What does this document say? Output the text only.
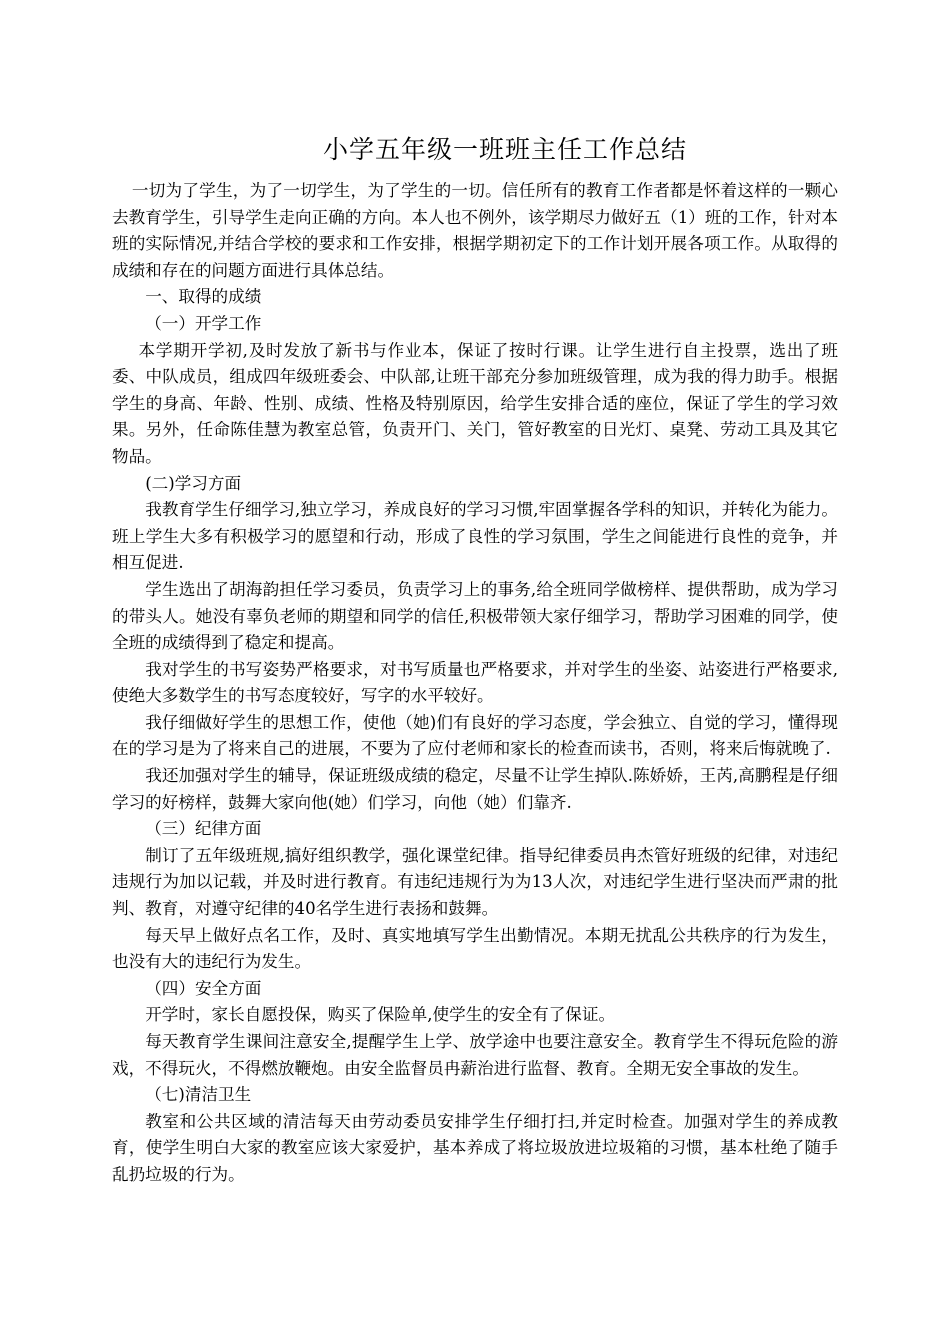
小学五年级一班班主任工作总结

一切为了学生，为了一切学生，为了学生的一切。信任所有的教育工作者都是怀着这样的一颗心去教育学生，引导学生走向正确的方向。本人也不例外，该学期尽力做好五（1）班的工作，针对本班的实际情况,并结合学校的要求和工作安排，根据学期初定下的工作计划开展各项工作。从取得的成绩和存在的问题方面进行具体总结。

一、取得的成绩

（一）开学工作

本学期开学初,及时发放了新书与作业本，保证了按时行课。让学生进行自主投票，选出了班委、中队成员，组成四年级班委会、中队部,让班干部充分参加班级管理，成为我的得力助手。根据学生的身高、年龄、性别、成绩、性格及特别原因，给学生安排合适的座位，保证了学生的学习效果。另外，任命陈佳慧为教室总管，负责开门、关门，管好教室的日光灯、桌凳、劳动工具及其它物品。

(二)学习方面

我教育学生仔细学习,独立学习，养成良好的学习习惯,牢固掌握各学科的知识，并转化为能力。班上学生大多有积极学习的愿望和行动，形成了良性的学习氛围，学生之间能进行良性的竞争，并相互促进.

学生选出了胡海韵担任学习委员，负责学习上的事务,给全班同学做榜样、提供帮助，成为学习的带头人。她没有辜负老师的期望和同学的信任,积极带领大家仔细学习，帮助学习困难的同学，使全班的成绩得到了稳定和提高。

我对学生的书写姿势严格要求，对书写质量也严格要求，并对学生的坐姿、站姿进行严格要求,使绝大多数学生的书写态度较好，写字的水平较好。

我仔细做好学生的思想工作，使他（她)们有良好的学习态度，学会独立、自觉的学习，懂得现在的学习是为了将来自己的进展，不要为了应付老师和家长的检查而读书，否则，将来后悔就晚了.

我还加强对学生的辅导，保证班级成绩的稳定，尽量不让学生掉队.陈娇娇，王芮,高鹏程是仔细学习的好榜样，鼓舞大家向他(她）们学习，向他（她）们靠齐.

（三）纪律方面

制订了五年级班规,搞好组织教学，强化课堂纪律。指导纪律委员冉杰管好班级的纪律，对违纪违规行为加以记载，并及时进行教育。有违纪违规行为为13人次，对违纪学生进行坚决而严肃的批判、教育，对遵守纪律的40名学生进行表扬和鼓舞。

每天早上做好点名工作，及时、真实地填写学生出勤情况。本期无扰乱公共秩序的行为发生，也没有大的违纪行为发生。

（四）安全方面

开学时，家长自愿投保，购买了保险单,使学生的安全有了保证。

每天教育学生课间注意安全,提醒学生上学、放学途中也要注意安全。教育学生不得玩危险的游戏，不得玩火，不得燃放鞭炮。由安全监督员冉薪治进行监督、教育。全期无安全事故的发生。

（七)清洁卫生

教室和公共区域的清洁每天由劳动委员安排学生仔细打扫,并定时检查。加强对学生的养成教育，使学生明白大家的教室应该大家爱护，基本养成了将垃圾放进垃圾箱的习惯，基本杜绝了随手乱扔垃圾的行为。
